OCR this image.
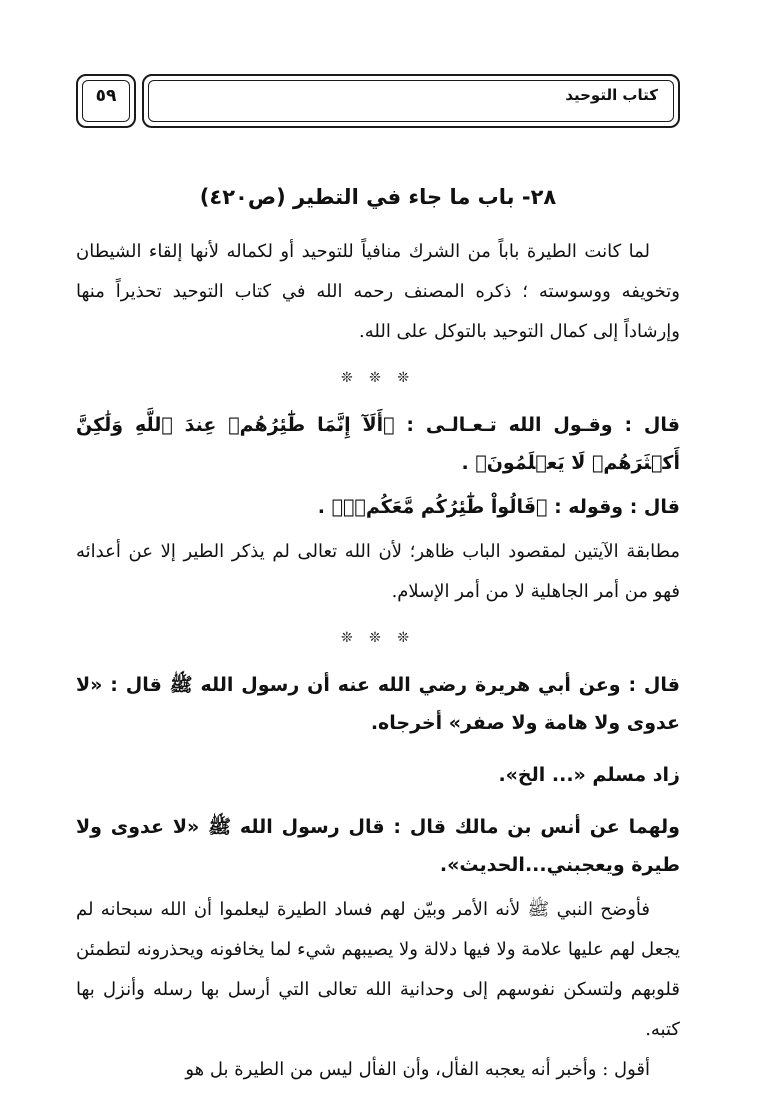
كتاب التوحيد
٥٩
٢٨- باب ما جاء في التطير (ص٤٢٠)

لما كانت الطيرة باباً من الشرك منافياً للتوحيد أو لكماله لأنها إلقاء الشيطان وتخويفه ووسوسته ؛ ذكره المصنف رحمه الله في كتاب التوحيد تحذيراً منها وإرشاداً إلى كمال التوحيد بالتوكل على الله.

❊ ❊ ❊

قال : وقـول الله تـعـالـى : ﴿أَلَآ إِنَّمَا طَٰٓئِرُهُمۡ عِندَ ٱللَّهِ وَلَٰكِنَّ أَكۡثَرَهُمۡ لَا يَعۡلَمُونَ﴾ .

قال : وقوله : ﴿قَالُواْ طَٰٓئِرُكُم مَّعَكُمۡۚ﴾ .

مطابقة الآيتين لمقصود الباب ظاهر؛ لأن الله تعالى لم يذكر الطير إلا عن أعدائه فهو من أمر الجاهلية لا من أمر الإسلام.

❊ ❊ ❊

قال : وعن أبي هريرة رضي الله عنه أن رسول الله ﷺ قال : «لا عدوى ولا هامة ولا صفر» أخرجاه.

زاد مسلم «... الخ».

ولهما عن أنس بن مالك قال : قال رسول الله ﷺ «لا عدوى ولا طيرة ويعجبني...الحديث».

فأوضح النبي ﷺ لأنه الأمر وبيّن لهم فساد الطيرة ليعلموا أن الله سبحانه لم يجعل لهم عليها علامة ولا فيها دلالة ولا يصيبهم شيء لما يخافونه ويحذرونه لتطمئن قلوبهم ولتسكن نفوسهم إلى وحدانية الله تعالى التي أرسل بها رسله وأنزل بها كتبه.

أقول : وأخبر أنه يعجبه الفأل، وأن الفأل ليس من الطيرة بل هو
